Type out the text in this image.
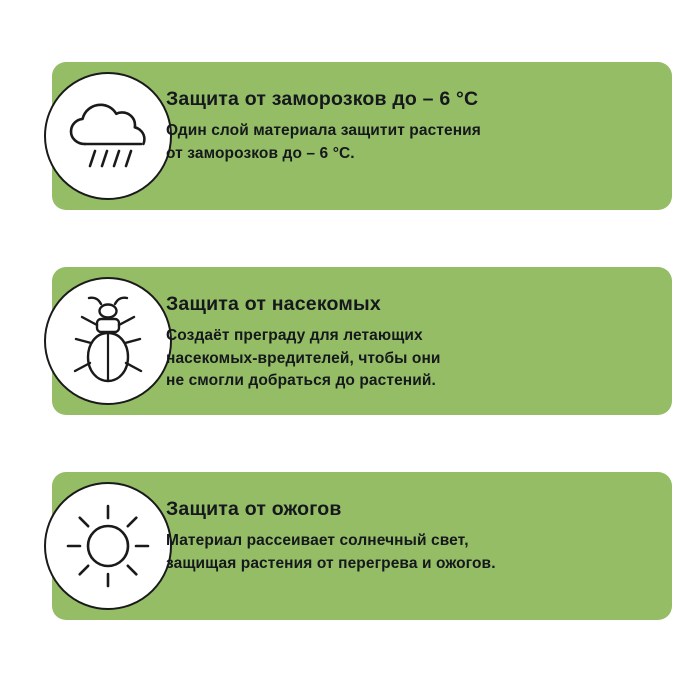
Защита от заморозков до – 6 °С

Один слой материала защитит растения
от заморозков до – 6 °С.

Защита от насекомых

Создаёт преграду для летающих
насекомых-вредителей, чтобы они
не смогли добраться до растений.

Защита от ожогов

Материал рассеивает солнечный свет,
защищая растения от перегрева и ожогов.
